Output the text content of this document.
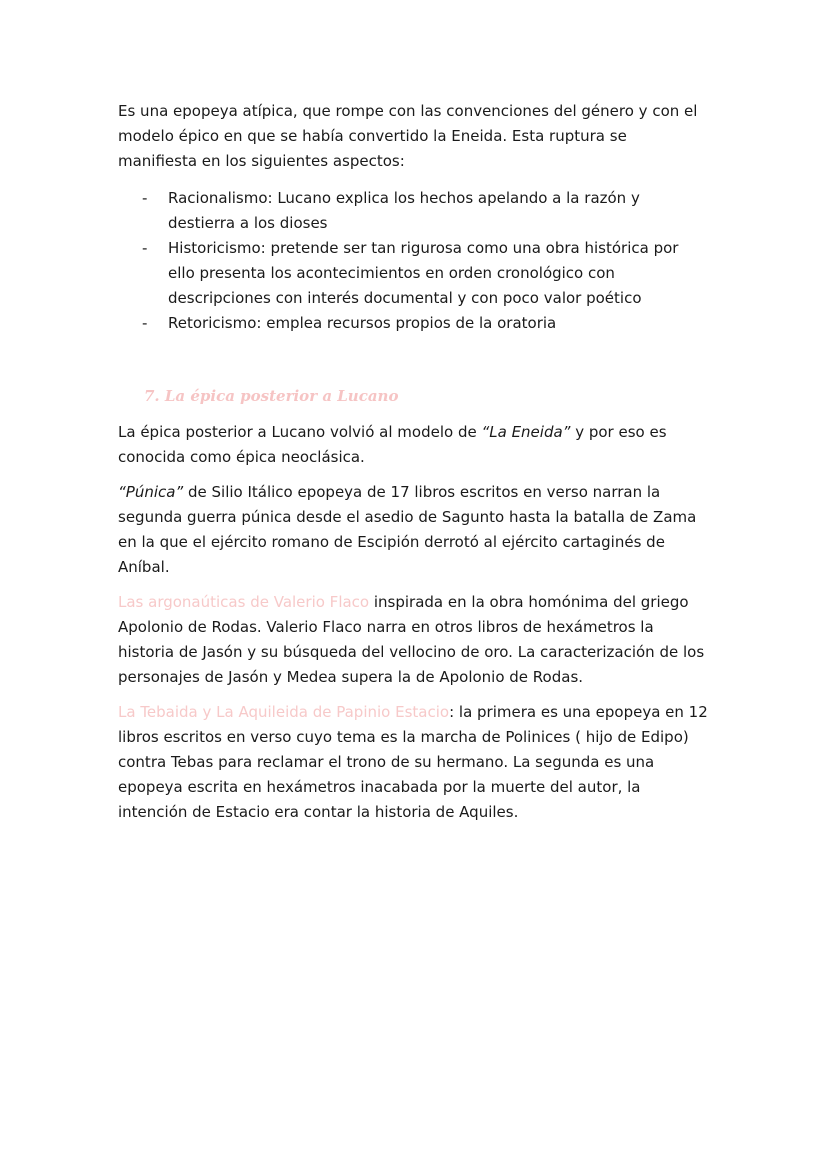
Es una epopeya atípica, que rompe con las convenciones del género y con el modelo épico en que se había convertido la Eneida. Esta ruptura se manifiesta en los siguientes aspectos:

- Racionalismo: Lucano explica los hechos apelando a la razón y destierra a los dioses
- Historicismo: pretende ser tan rigurosa como una obra histórica por ello presenta los acontecimientos en orden cronológico con descripciones con interés documental y con poco valor poético
- Retoricismo: emplea recursos propios de la oratoria
7. La épica posterior a Lucano

La épica posterior a Lucano volvió al modelo de “La Eneida” y por eso es conocida como épica neoclásica.

“Púnica” de Silio Itálico epopeya de 17 libros escritos en verso narran la segunda guerra púnica desde el asedio de Sagunto hasta la batalla de Zama en la que el ejército romano de Escipión derrotó al ejército cartaginés de Aníbal.

Las argonaúticas de Valerio Flaco inspirada en la obra homónima del griego Apolonio de Rodas. Valerio Flaco narra en otros libros de hexámetros la historia de Jasón y su búsqueda del vellocino de oro. La caracterización de los personajes de Jasón y Medea supera la de Apolonio de Rodas.

La Tebaida y La Aquileida de Papinio Estacio: la primera es una epopeya en 12 libros escritos en verso cuyo tema es la marcha de Polinices ( hijo de Edipo) contra Tebas para reclamar el trono de su hermano. La segunda es una epopeya escrita en hexámetros inacabada por la muerte del autor, la intención de Estacio era contar la historia de Aquiles.
